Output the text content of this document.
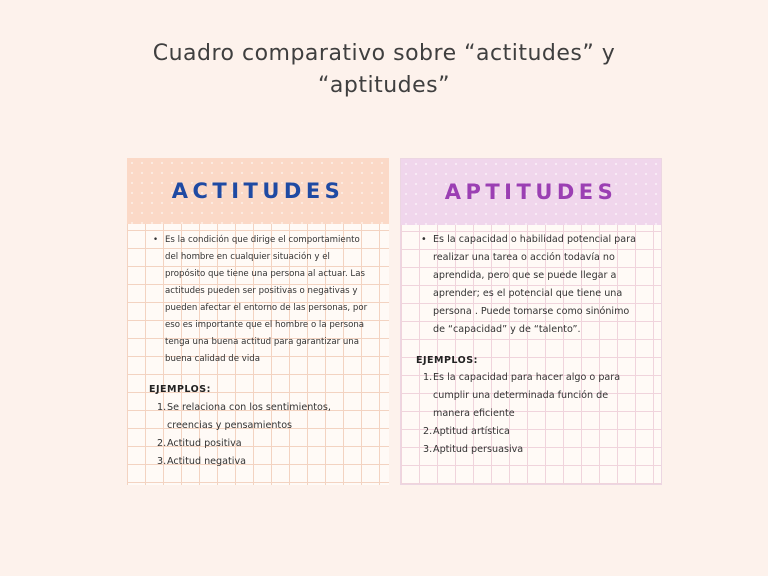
Cuadro comparativo sobre “actitudes” y “aptitudes”
ACTITUDES
• Es la condición que dirige el comportamiento del hombre en cualquier situación y el propósito que tiene una persona al actuar. Las actitudes pueden ser positivas o negativas y pueden afectar el entorno de las personas, por eso es importante que el hombre o la persona tenga una buena actitud para garantizar una buena calidad de vida
EJEMPLOS:
1. Se relaciona con los sentimientos, creencias y pensamientos
2. Actitud positiva
3. Actitud negativa
APTITUDES
• Es la capacidad o habilidad potencial para realizar una tarea o acción todavía no aprendida, pero que se puede llegar a aprender; es el potencial que tiene una persona . Puede tomarse como sinónimo de “capacidad” y de “talento”.
EJEMPLOS:
1. Es la capacidad para hacer algo o para cumplir una determinada función de manera eficiente
2. Aptitud artística
3. Aptitud persuasiva
